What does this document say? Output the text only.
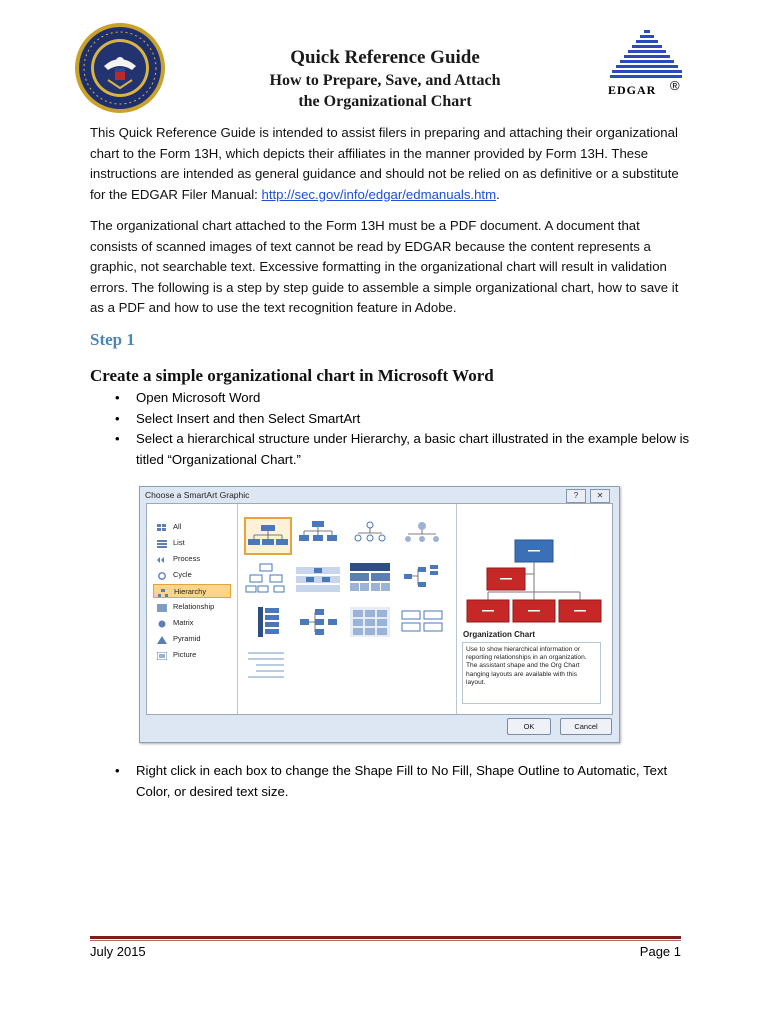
Quick Reference Guide
How to Prepare, Save, and Attach
the Organizational Chart
EDGAR ®
This Quick Reference Guide is intended to assist filers in preparing and attaching their organizational chart to the Form 13H, which depicts their affiliates in the manner provided by Form 13H. These instructions are intended as general guidance and should not be relied on as definitive or a substitute for the EDGAR Filer Manual: http://sec.gov/info/edgar/edmanuals.htm.
The organizational chart attached to the Form 13H must be a PDF document. A document that consists of scanned images of text cannot be read by EDGAR because the content represents a graphic, not searchable text. Excessive formatting in the organizational chart will result in validation errors. The following is a step by step guide to assemble a simple organizational chart, how to save it as a PDF and how to use the text recognition feature in Adobe.
Step 1
Create a simple organizational chart in Microsoft Word
• Open Microsoft Word
• Select Insert and then Select SmartArt
• Select a hierarchical structure under Hierarchy, a basic chart illustrated in the example below is titled “Organizational Chart.”
Choose a SmartArt Graphic	?	✕
All
List
Process
Cycle
Hierarchy
Relationship
Matrix
Pyramid
Picture
Organization Chart
Use to show hierarchical information or reporting relationships in an organization. The assistant shape and the Org Chart hanging layouts are available with this layout.
OK	Cancel
• Right click in each box to change the Shape Fill to No Fill, Shape Outline to Automatic, Text Color, or desired text size.
July 2015	Page 1
